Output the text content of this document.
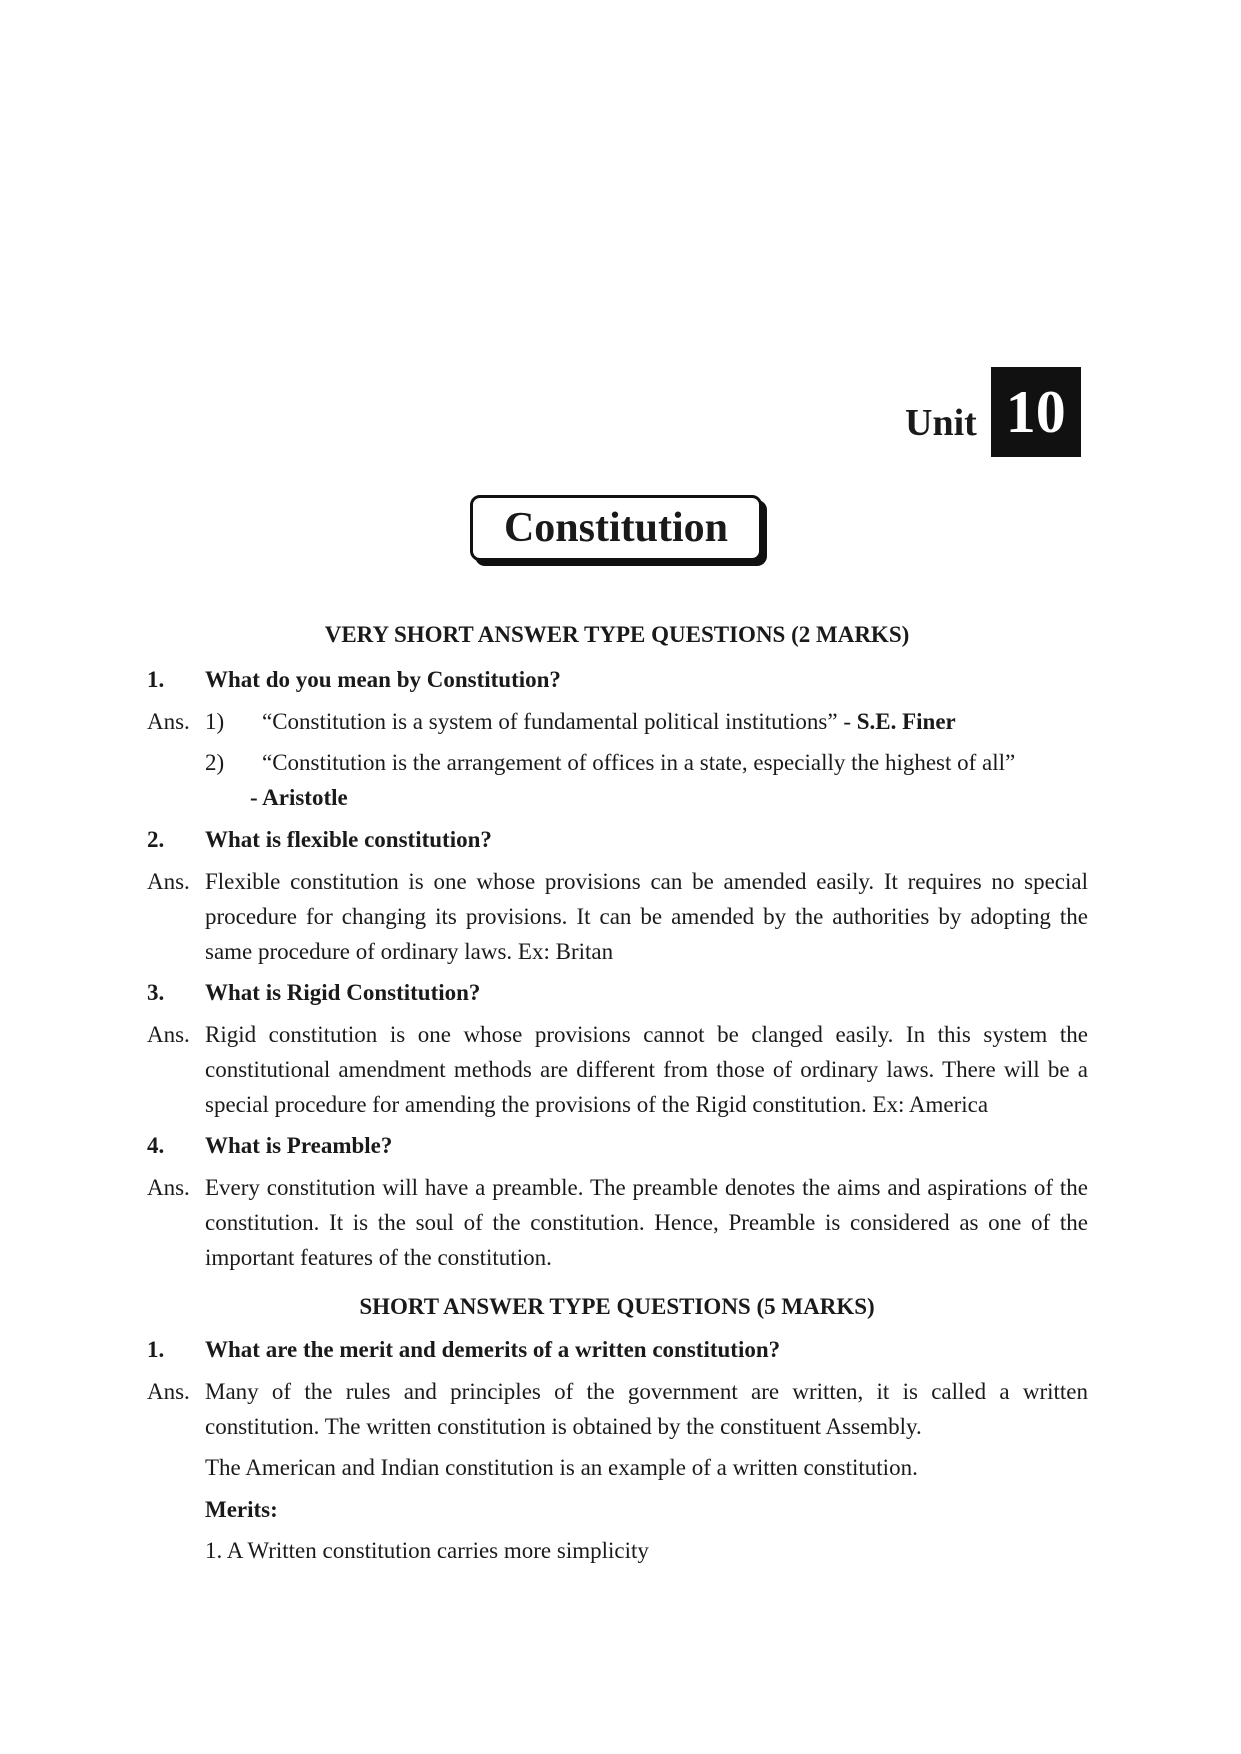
Unit 10
Constitution
VERY SHORT ANSWER TYPE QUESTIONS (2 MARKS)
1. What do you mean by Constitution?
Ans. 1) “Constitution is a system of fundamental political institutions” - S.E. Finer
2) “Constitution is the arrangement of offices in a state, especially the highest of all”
- Aristotle
2. What is flexible constitution?
Ans. Flexible constitution is one whose provisions can be amended easily. It requires no special procedure for changing its provisions. It can be amended by the authorities by adopting the same procedure of ordinary laws. Ex: Britan
3. What is Rigid Constitution?
Ans. Rigid constitution is one whose provisions cannot be clanged easily. In this system the constitutional amendment methods are different from those of ordinary laws. There will be a special procedure for amending the provisions of the Rigid constitution. Ex: America
4. What is Preamble?
Ans. Every constitution will have a preamble. The preamble denotes the aims and aspirations of the constitution. It is the soul of the constitution. Hence, Preamble is considered as one of the important features of the constitution.
SHORT ANSWER TYPE QUESTIONS (5 MARKS)
1. What are the merit and demerits of a written constitution?
Ans. Many of the rules and principles of the government are written, it is called a written constitution. The written constitution is obtained by the constituent Assembly.
The American and Indian constitution is an example of a written constitution.
Merits:
1. A Written constitution carries more simplicity
